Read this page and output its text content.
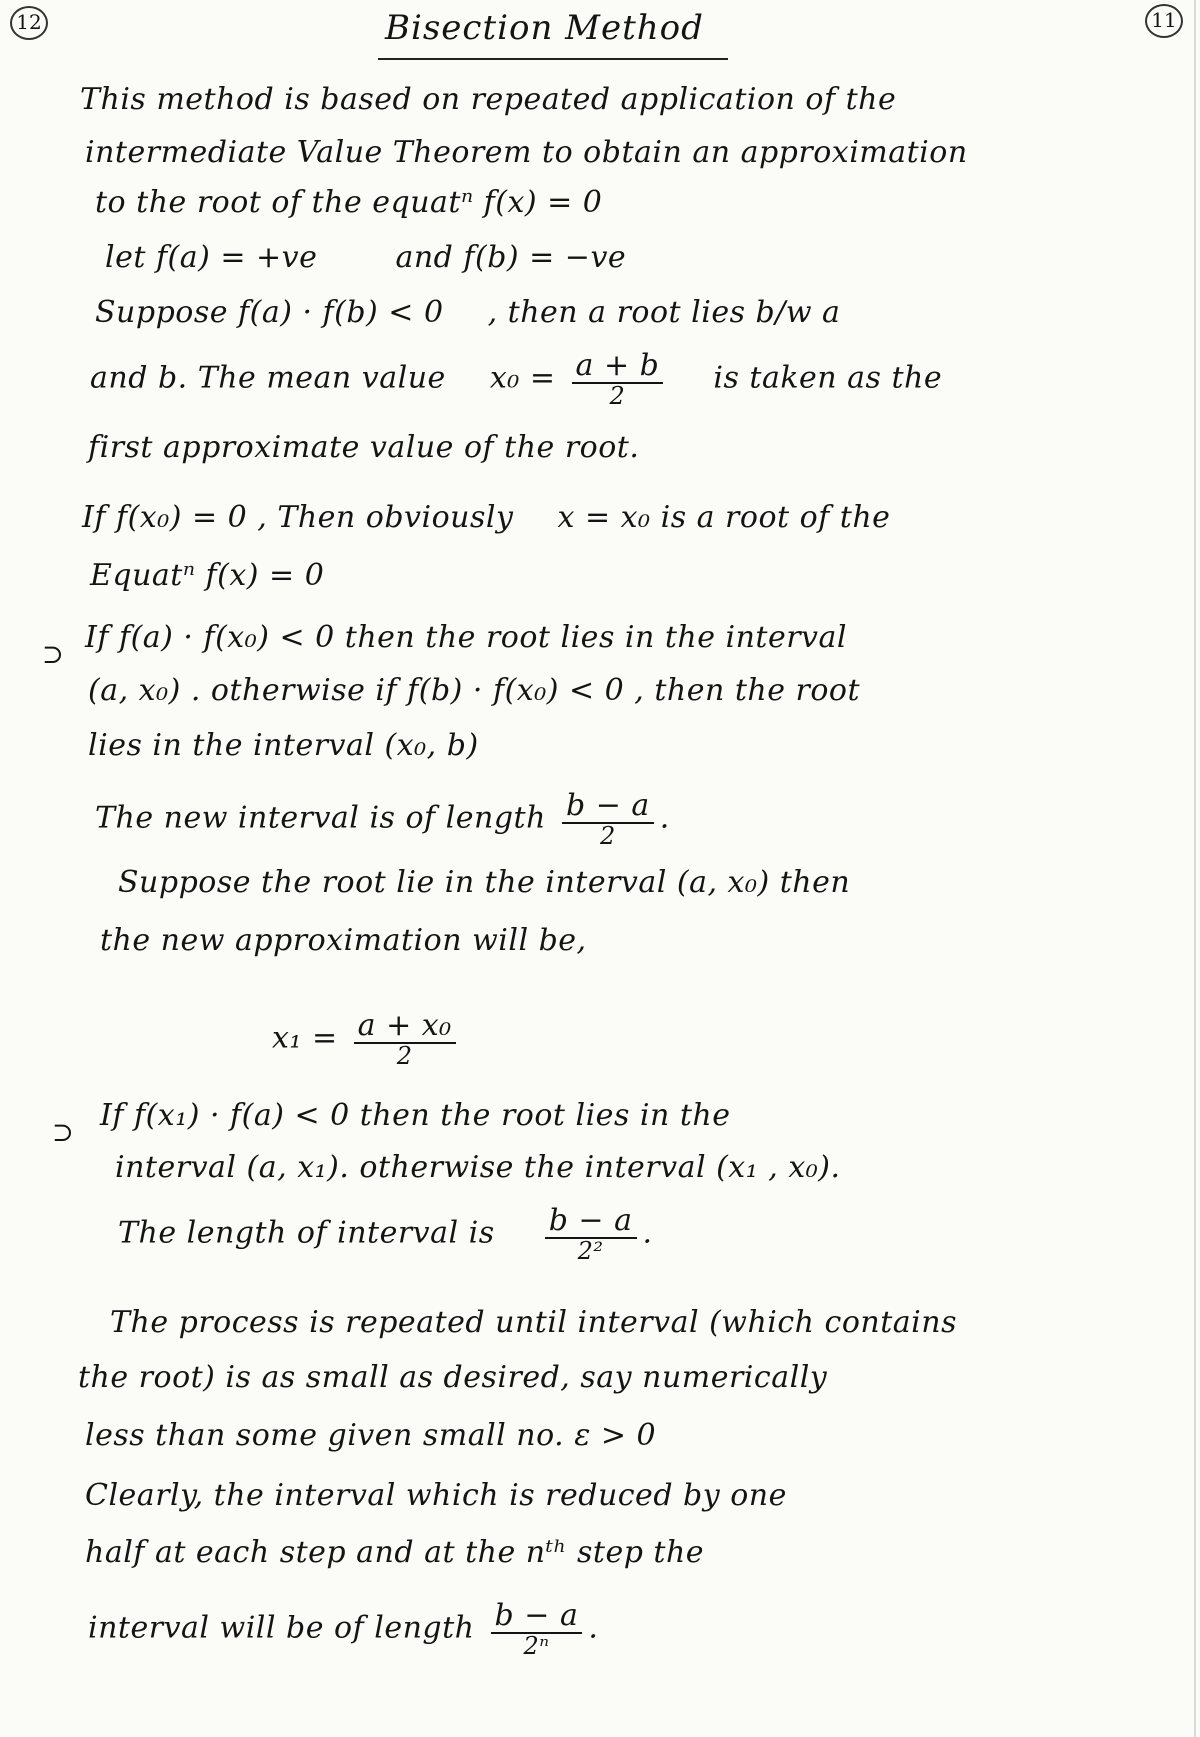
12	11
Bisection Method
This method is based on repeated application of the
intermediate Value Theorem to obtain an approximation
to the root of the equatⁿ f(x) = 0
let f(a) = +ve	and f(b) = −ve
Suppose f(a) · f(b) < 0 , then a root lies b/w a
and b. The mean value $x_0 = \frac{a + b}{2}$ is taken as the
first approximate value of the root.
If f(x₀) = 0 , Then obviously x = x₀ is a root of the
Equatⁿ f(x) = 0
⊃ If f(a) · f(x₀) < 0 then the root lies in the interval
(a, x₀) . otherwise if f(b) · f(x₀) < 0 , then the root
lies in the interval (x₀, b)
The new interval is of length $\frac{b - a}{2}$ .
Suppose the root lie in the interval (a, x₀) then
the new approximation will be,
$x_1 = \frac{\text{a + x₀}}{2}$
⊃ If f(x₁) · f(a) < 0 then the root lies in the
interval (a, x₁). otherwise the interval (x₁ , x₀).
The length of interval is $\frac{b - a}{\text{2²}}$ .
The process is repeated until interval (which contains
the root) is as small as desired, say numerically
less than some given small no. ε > 0
Clearly, the interval which is reduced by one
half at each step and at the nᵗʰ step the
interval will be of length $\frac{b - a}{\text{2ⁿ}}$ .
